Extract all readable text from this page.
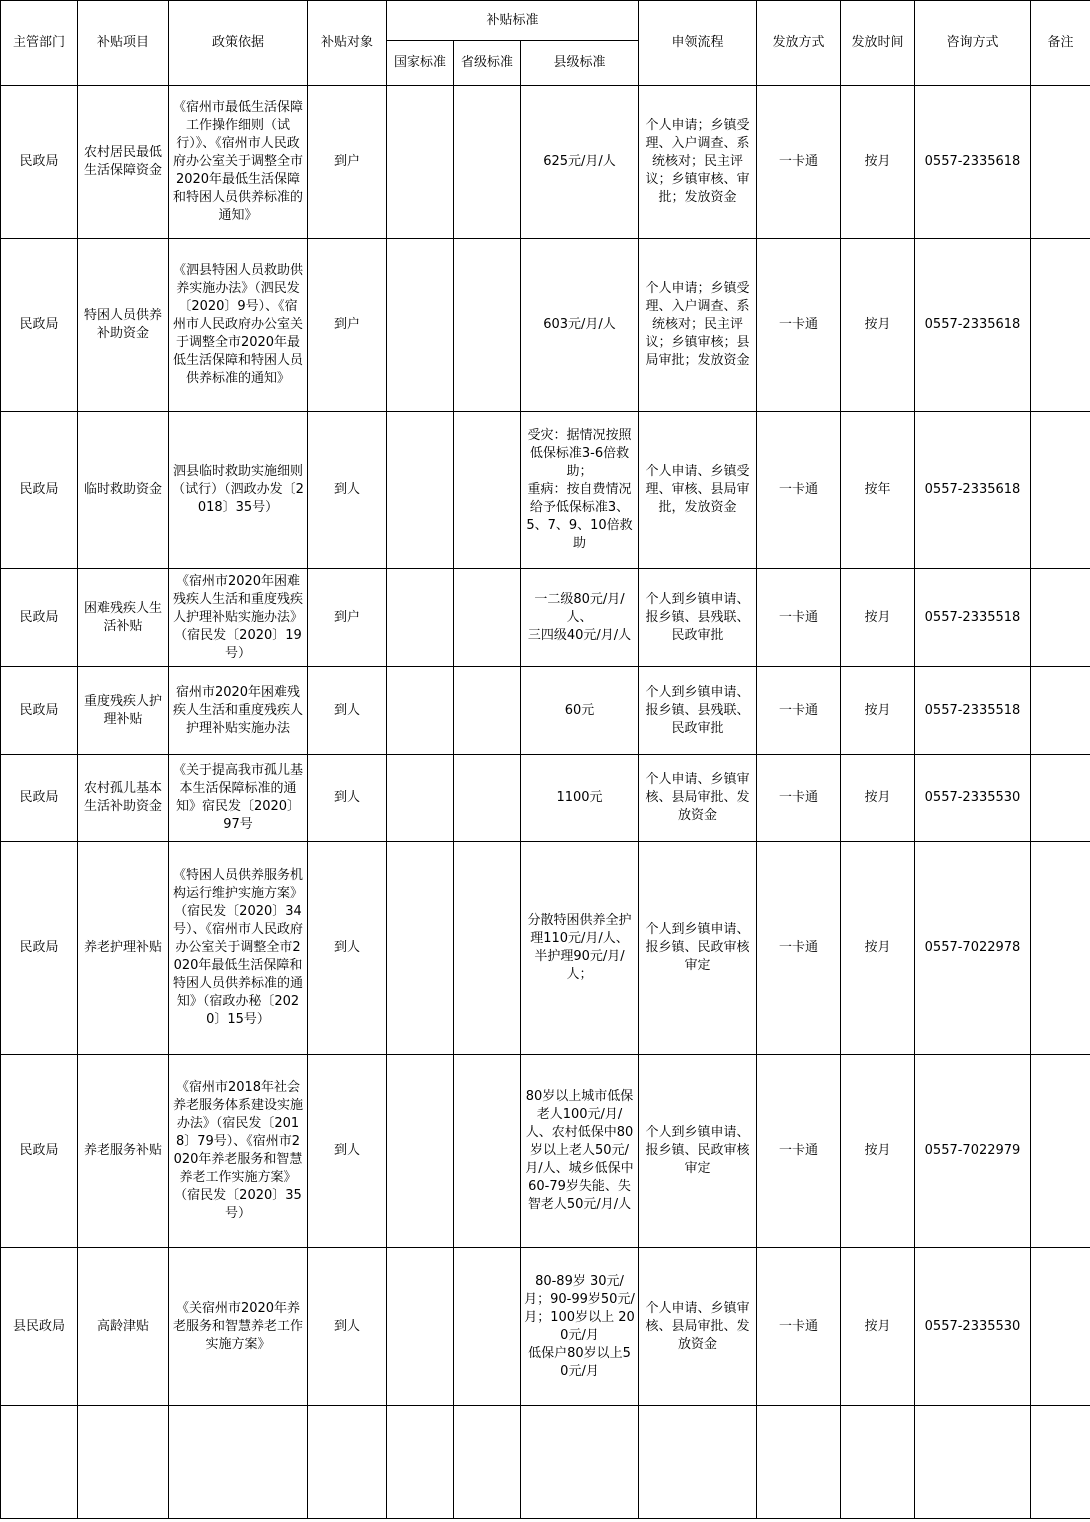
主管部门	补贴项目	政策依据	补贴对象	补贴标准			申领流程	发放方式	发放时间	咨询方式	备注
				国家标准	省级标准	县级标准					
民政局	农村居民最低生活保障资金	《宿州市最低生活保障工作操作细则（试行）》、《宿州市人民政府办公室关于调整全市2020年最低生活保障和特困人员供养标准的通知》	到户			625元/月/人	个人申请；乡镇受理、入户调查、系统核对；民主评议；乡镇审核、审批；发放资金	一卡通	按月	0557-2335618	
民政局	特困人员供养补助资金	《泗县特困人员救助供养实施办法》（泗民发〔2020〕9号）、《宿州市人民政府办公室关于调整全市2020年最低生活保障和特困人员供养标准的通知》	到户			603元/月/人	个人申请；乡镇受理、入户调查、系统核对；民主评议；乡镇审核；县局审批；发放资金	一卡通	按月	0557-2335618	
民政局	临时救助资金	泗县临时救助实施细则（试行）（泗政办发〔2018〕35号）	到人			受灾：据情况按照低保标准3-6倍救助；
重病：按自费情况给予低保标准3、5、7、9、10倍救助	个人申请、乡镇受理、审核、县局审批，发放资金	一卡通	按年	0557-2335618	
民政局	困难残疾人生活补贴	《宿州市2020年困难残疾人生活和重度残疾人护理补贴实施办法》（宿民发〔2020〕19号）	到户			一二级80元/月/人、
三四级40元/月/人	个人到乡镇申请、报乡镇、县残联、民政审批	一卡通	按月	0557-2335518	
民政局	重度残疾人护理补贴	宿州市2020年困难残疾人生活和重度残疾人护理补贴实施办法	到人			60元	个人到乡镇申请、报乡镇、县残联、民政审批	一卡通	按月	0557-2335518	
民政局	农村孤儿基本生活补助资金	《关于提高我市孤儿基本生活保障标准的通知》宿民发〔2020〕97号	到人			1100元	个人申请、乡镇审核、县局审批、发放资金	一卡通	按月	0557-2335530	
民政局	养老护理补贴	《特困人员供养服务机构运行维护实施方案》（宿民发〔2020〕34号）、《宿州市人民政府办公室关于调整全市2020年最低生活保障和特困人员供养标准的通知》（宿政办秘〔2020〕15号）	到人			分散特困供养全护理110元/月/人、半护理90元/月/人；	个人到乡镇申请、报乡镇、民政审核审定	一卡通	按月	0557-7022978	
民政局	养老服务补贴	《宿州市2018年社会养老服务体系建设实施办法》（宿民发〔2018〕79号）、《宿州市2020年养老服务和智慧养老工作实施方案》（宿民发〔2020〕35号）	到人			80岁以上城市低保老人100元/月/人、农村低保中80岁以上老人50元/月/人、城乡低保中60-79岁失能、失智老人50元/月/人	个人到乡镇申请、报乡镇、民政审核审定	一卡通	按月	0557-7022979	
县民政局	高龄津贴	《关宿州市2020年养老服务和智慧养老工作实施方案》	到人			80-89岁 30元/月；90-99岁50元/月；100岁以上 200元/月
低保户80岁以上50元/月	个人申请、乡镇审核、县局审批、发放资金	一卡通	按月	0557-2335530	
